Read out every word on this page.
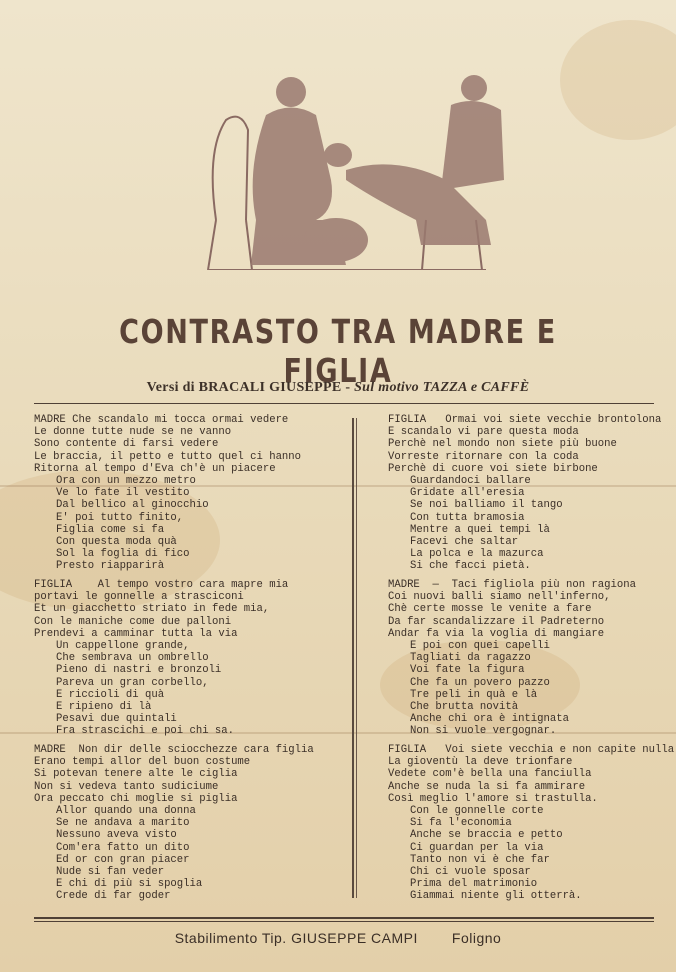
CONTRASTO TRA MADRE E FIGLIA
Versi di BRACALI GIUSEPPE - Sul motivo TAZZA e CAFFÈ
MADRE Che scandalo mi tocca ormai vedere
Le donne tutte nude se ne vanno
Sono contente di farsi vedere
Le braccia, il petto e tutto quel ci hanno
Ritorna al tempo d'Eva ch'è un piacere
Ora con un mezzo metro
Ve lo fate il vestito
Dal bellico al ginocchio
E' poi tutto finito,
Figlia come si fa
Con questa moda quà
Sol la foglia di fico
Presto riapparirà
FIGLIA    Al tempo vostro cara mapre mia
portavi le gonnelle a strasciconi
Et un giacchetto striato in fede mia,
Con le maniche come due palloni
Prendevi a camminar tutta la via
Un cappellone grande,
Che sembrava un ombrello
Pieno di nastri e bronzoli
Pareva un gran corbello,
E riccioli di quà
E ripieno di là
Pesavi due quintali
Fra strascichi e poi chi sa.
MADRE  Non dir delle sciocchezze cara figlia
Erano tempi allor del buon costume
Si potevan tenere alte le ciglia
Non si vedeva tanto sudiciume
Ora peccato chi moglie si piglia
Allor quando una donna
Se ne andava a marito
Nessuno aveva visto
Com'era fatto un dito
Ed or con gran piacer
Nude si fan veder
E chi di più si spoglia
Crede di far goder
FIGLIA   Ormai voi siete vecchie brontolona
E scandalo vi pare questa moda
Perchè nel mondo non siete più buone
Vorreste ritornare con la coda
Perchè di cuore voi siete birbone
Guardandoci ballare
Gridate all'eresia
Se noi balliamo il tango
Con tutta bramosia
Mentre a quei tempi là
Facevi che saltar
La polca e la mazurca
Si che facci pietà.
MADRE  —  Taci figliola più non ragiona
Coi nuovi balli siamo nell'inferno,
Chè certe mosse le venite a fare
Da far scandalizzare il Padreterno
Andar fa via la voglia di mangiare
E poi con quei capelli
Tagliati da ragazzo
Voi fate la figura
Che fa un povero pazzo
Tre peli in quà e là
Che brutta novità
Anche chi ora è intignata
Non si vuole vergognar.
FIGLIA   Voi siete vecchia e non capite nulla
La gioventù la deve trionfare
Vedete com'è bella una fanciulla
Anche se nuda la si fa ammirare
Così meglio l'amore si trastulla.
Con le gonnelle corte
Si fa l'economia
Anche se braccia e petto
Ci guardan per la via
Tanto non vi è che far
Chi ci vuole sposar
Prima del matrimonio
Giammai niente gli otterrà.
Stabilimento Tip. GIUSEPPE CAMPI Foligno
